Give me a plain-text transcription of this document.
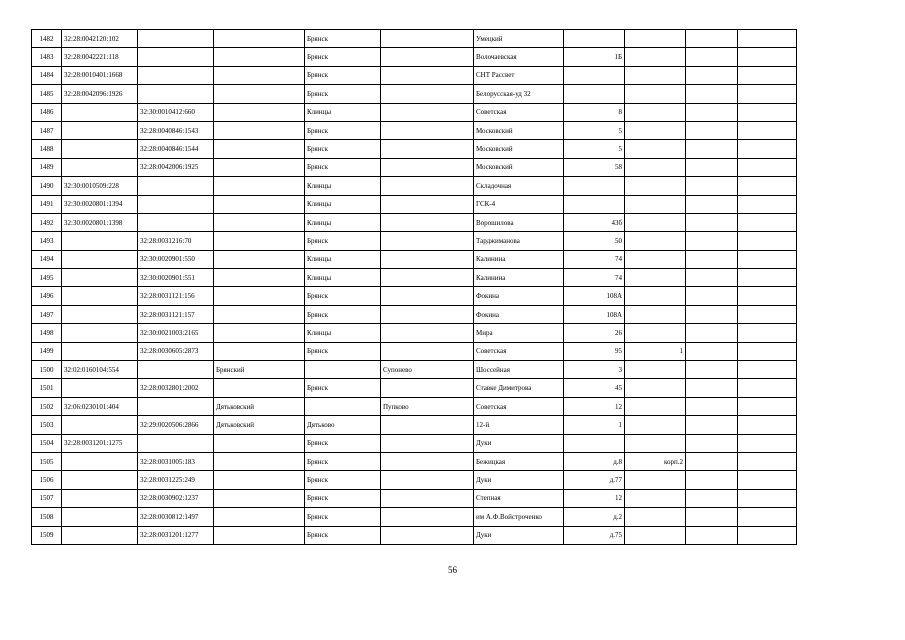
1482	32:28:0042120:102			Брянск		Умецкий				
1483	32:28:0042221:118			Брянск		Волочаевская	1Б			
1484	32:28:0010401:1668			Брянск		СНТ Рассвет				
1485	32:28:0042096:1926			Брянск		Белорусская-уд 32				
1486		32:30:0010412:660		Клинцы		Советская	8			
1487		32:28:0040846:1543		Брянск		Московский	5			
1488		32:28:0040846:1544		Брянск		Московский	5			
1489		32:28:0042006:1925		Брянск		Московский	58			
1490	32:30:0010509:228			Клинцы		Складочная				
1491	32:30:0020801:1394			Клинцы		ГСК-4				
1492	32:30:0020801:1398			Клинцы		Ворошилова	43б			
1493		32:28:0031216:70		Брянск		Тарджиманова	50			
1494		32:30:0020901:550		Клинцы		Калинина	74			
1495		32:30:0020901:551		Клинцы		Калинина	74			
1496		32:28:0031121:156		Брянск		Фокина	108А			
1497		32:28:0031121:157		Брянск		Фокина	108А			
1498		32:30:0021003:2165		Клинцы		Мира	26			
1499		32:28:0030605:2873		Брянск		Советская	95	1		
1500	32:02:0160104:554		Брянский		Супонево	Шоссейная	3			
1501		32:28:0032801:2002		Брянск		Ставке Димитрова	45			
1502	32:06:0230101:404		Дятьковский		Пупково	Советская	12			
1503		32:29:0020506:2866	Дятьковский	Дятьково		12-й	1			
1504	32:28:0031201:1275			Брянск		Дуки				
1505		32:28:0031005:183		Брянск		Бежицкая	д.8	корп.2		
1506		32:28:0031225:249		Брянск		Дуки	д.77			
1507		32:28:0030902:1237		Брянск		Степная	12			
1508		32:28:0030812:1497		Брянск		им А.Ф.Войстроченко	д.2			
1509		32:28:0031201:1277		Брянск		Дуки	д.75			
56
